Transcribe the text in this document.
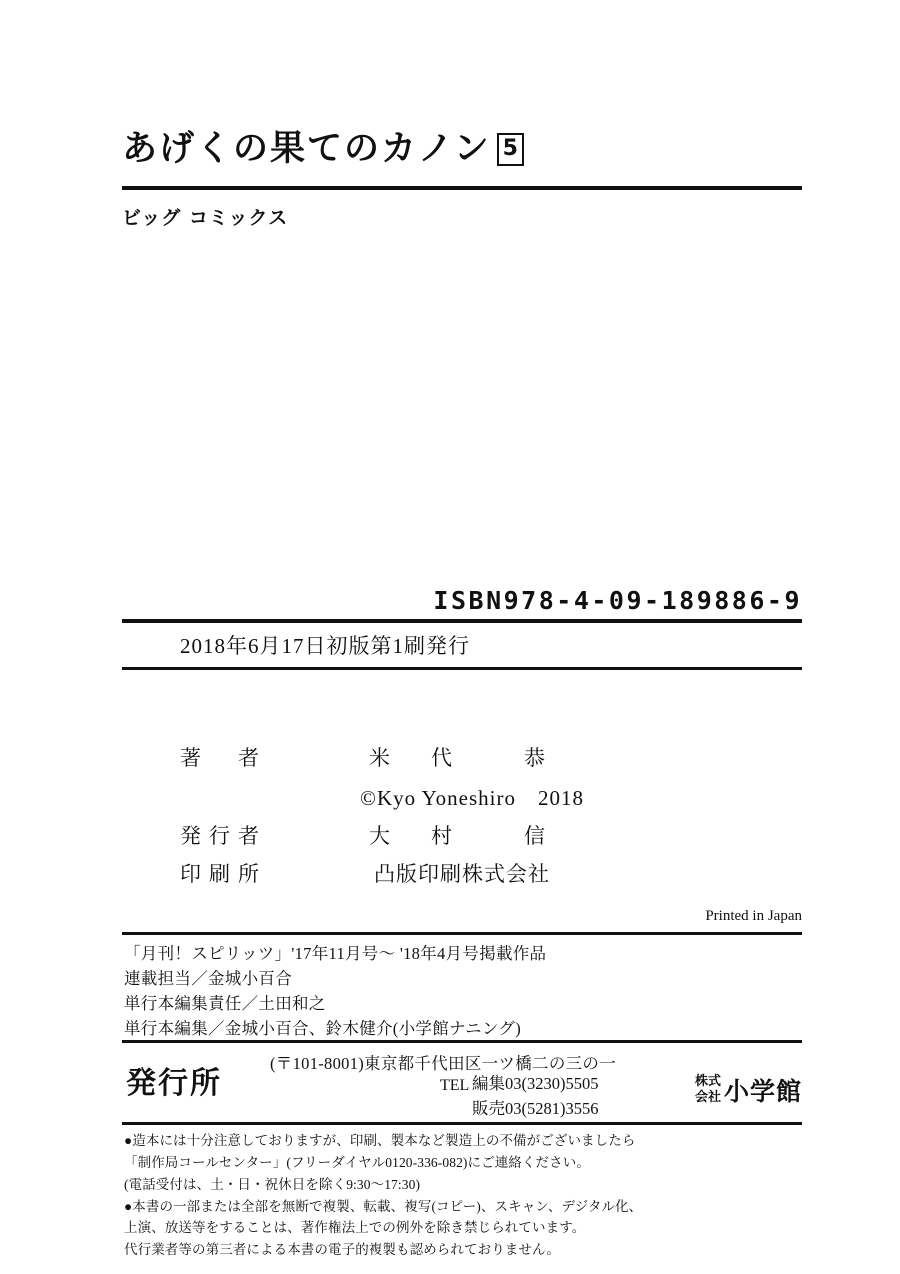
あげくの果てのカノン 5
ビッグ コミックス
ISBN978-4-09-189886-9
2018年6月17日初版第1刷発行
著　者	米　代　　恭
©Kyo Yoneshiro　2018
発行者	大　村　　信
印刷所	凸版印刷株式会社
Printed in Japan
「月刊！スピリッツ」'17年11月号〜 '18年4月号掲載作品
連載担当／金城小百合
単行本編集責任／土田和之
単行本編集／金城小百合、鈴木健介(小学館ナニング)
発行所
(〒101-8001)東京都千代田区一ツ橋二の三の一
TEL 編集03(3230)5505
販売03(5281)3556
株式
会社 小学館
●造本には十分注意しておりますが、印刷、製本など製造上の不備がございましたら
「制作局コールセンター」(フリーダイヤル0120-336-082)にご連絡ください。
(電話受付は、土・日・祝休日を除く9:30〜17:30)
●本書の一部または全部を無断で複製、転載、複写(コピー)、スキャン、デジタル化、
上演、放送等をすることは、著作権法上での例外を除き禁じられています。
代行業者等の第三者による本書の電子的複製も認められておりません。
